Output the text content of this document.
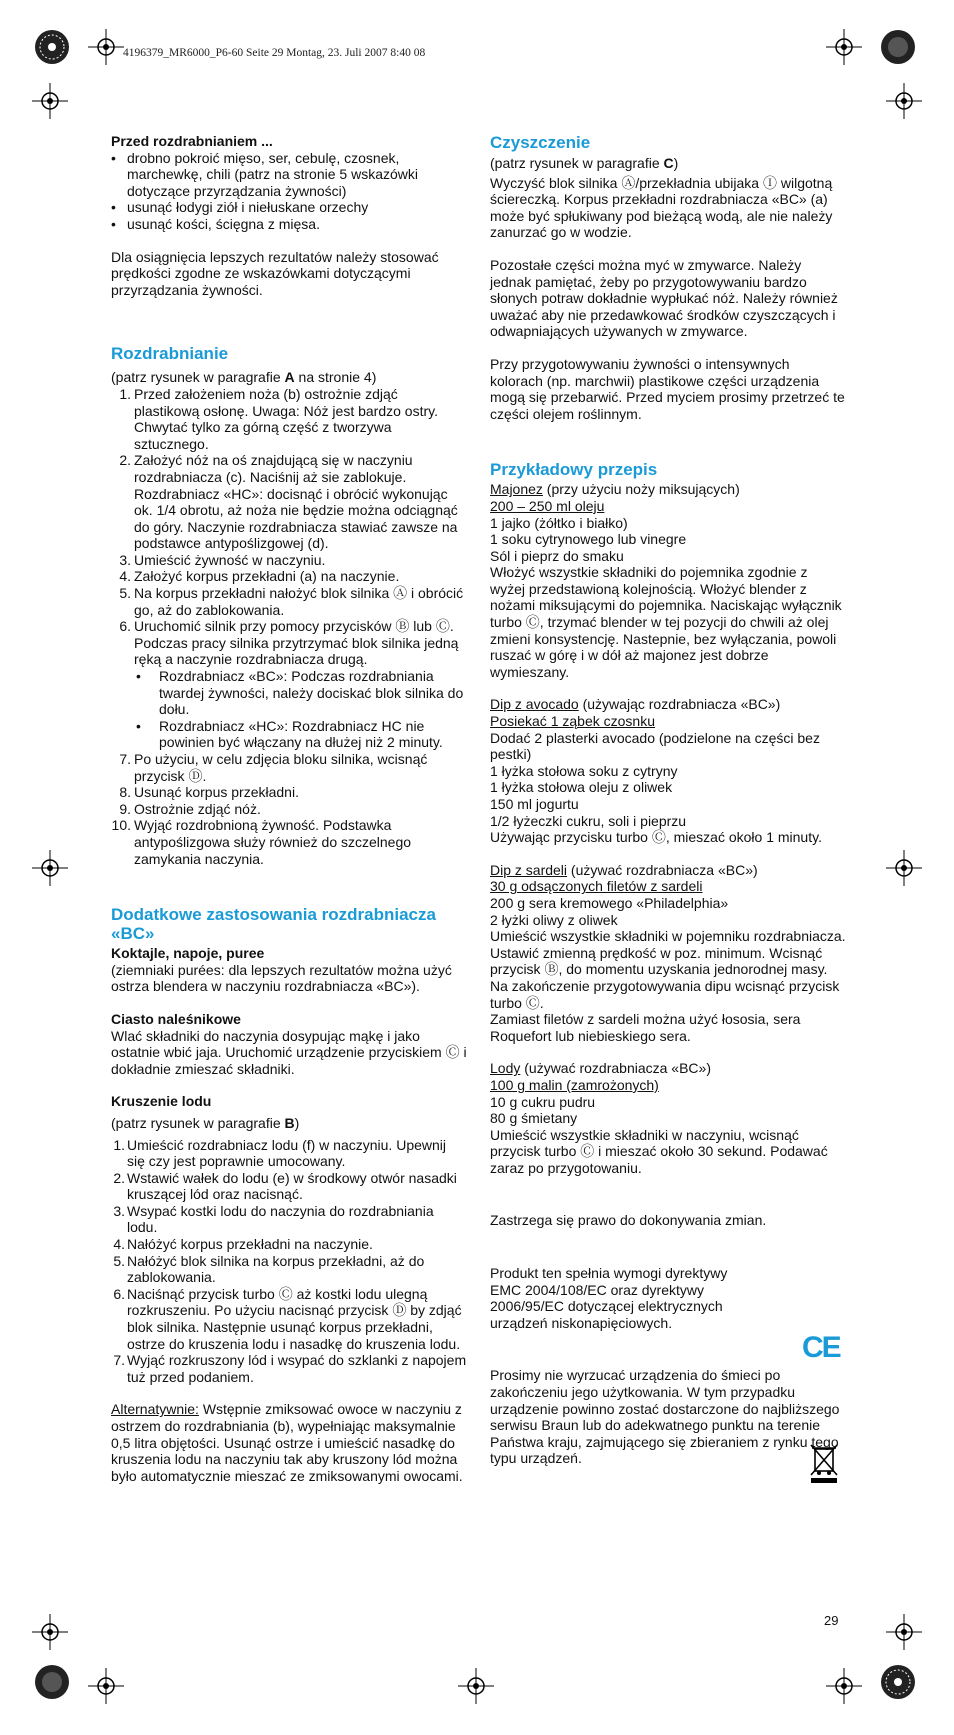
4196379_MR6000_P6-60 Seite 29 Montag, 23. Juli 2007 8:40 08

Przed rozdrabnianiem ...

• drobno pokroić mięso, ser, cebulę, czosnek, marchewkę, chili (patrz na stronie 5 wskazówki dotyczące przyrządzania żywności)
• usunąć łodygi ziół i niełuskane orzechy
• usunąć kości, ścięgna z mięsa.

Dla osiągnięcia lepszych rezultatów należy stosować prędkości zgodne ze wskazówkami dotyczącymi przyrządzania żywności.

Rozdrabnianie

(patrz rysunek w paragrafie A na stronie 4)

1. Przed założeniem noża (b) ostrożnie zdjąć plastikową osłonę. Uwaga: Nóż jest bardzo ostry. Chwytać tylko za górną część z tworzywa sztucznego.
2. Założyć nóż na oś znajdującą się w naczyniu rozdrabniacza (c). Naciśnij aż sie zablokuje. Rozdrabniacz «HC»: docisnąć i obrócić wykonując ok. 1/4 obrotu, aż noża nie będzie można odciągnąć do góry. Naczynie rozdrabniacza stawiać zawsze na podstawce antypoślizgowej (d).
3. Umieścić żywność w naczyniu.
4. Założyć korpus przekładni (a) na naczynie.
5. Na korpus przekładni nałożyć blok silnika Ⓐ i obrócić go, aż do zablokowania.
6. Uruchomić silnik przy pomocy przycisków Ⓑ lub Ⓒ. Podczas pracy silnika przytrzymać blok silnika jedną ręką a naczynie rozdrabniacza drugą.
• Rozdrabniacz «BC»: Podczas rozdrabniania twardej żywności, należy dociskać blok silnika do dołu.
• Rozdrabniacz «HC»: Rozdrabniacz HC nie powinien być włączany na dłużej niż 2 minuty.
7. Po użyciu, w celu zdjęcia bloku silnika, wcisnąć przycisk Ⓓ.
8. Usunąć korpus przekładni.
9. Ostrożnie zdjąć nóż.
10. Wyjąć rozdrobnioną żywność. Podstawka antypoślizgowa służy również do szczelnego zamykania naczynia.
Dodatkowe zastosowania rozdrabniacza «BC»

Koktajle, napoje, puree

(ziemniaki purées: dla lepszych rezultatów można użyć ostrza blendera w naczyniu rozdrabniacza «BC»).

Ciasto naleśnikowe

Wlać składniki do naczynia dosypując mąkę i jako ostatnie wbić jaja. Uruchomić urządzenie przyciskiem Ⓒ i dokładnie zmieszać składniki.

Kruszenie lodu

(patrz rysunek w paragrafie B)

1. Umieścić rozdrabniacz lodu (f) w naczyniu. Upewnij się czy jest poprawnie umocowany.
2. Wstawić wałek do lodu (e) w środkowy otwór nasadki kruszącej lód oraz nacisnąć.
3. Wsypać kostki lodu do naczynia do rozdrabniania lodu.
4. Nałóżyć korpus przekładni na naczynie.
5. Nałóżyć blok silnika na korpus przekładni, aż do zablokowania.
6. Naciśnąć przycisk turbo Ⓒ aż kostki lodu ulegną rozkruszeniu. Po użyciu nacisnąć przycisk Ⓓ by zdjąć blok silnika. Następnie usunąć korpus przekładni, ostrze do kruszenia lodu i nasadkę do kruszenia lodu.
7. Wyjąć rozkruszony lód i wsypać do szklanki z napojem tuż przed podaniem.

Alternatywnie: Wstępnie zmiksować owoce w naczyniu z ostrzem do rozdrabniania (b), wypełniając maksymalnie 0,5 litra objętości. Usunąć ostrze i umieścić nasadkę do kruszenia lodu na naczyniu tak aby kruszony lód można było automatycznie mieszać ze zmiksowanymi owocami.

Czyszczenie

(patrz rysunek w paragrafie C)

Wyczyść blok silnika Ⓐ/przekładnia ubijaka Ⓘ wilgotną ściereczką. Korpus przekładni rozdrabniacza «BC» (a) może być spłukiwany pod bieżącą wodą, ale nie należy zanurzać go w wodzie.

Pozostałe części można myć w zmywarce. Należy jednak pamiętać, żeby po przygotowywaniu bardzo słonych potraw dokładnie wypłukać nóż. Należy również uważać aby nie przedawkować środków czyszczących i odwapniających używanych w zmywarce.

Przy przygotowywaniu żywności o intensywnych kolorach (np. marchwii) plastikowe części urządzenia mogą się przebarwić. Przed myciem prosimy przetrzeć te części olejem roślinnym.

Przykładowy przepis

Majonez (przy użyciu noży miksujących)

200 – 250 ml oleju

1 jajko (żółtko i białko)

1 soku cytrynowego lub vinegre

Sól i pieprz do smaku

Włożyć wszystkie składniki do pojemnika zgodnie z wyżej przedstawioną kolejnością. Włożyć blender z nożami miksującymi do pojemnika. Naciskając wyłącznik turbo Ⓒ, trzymać blender w tej pozycji do chwili aż olej zmieni konsystencję. Nastepnie, bez wyłączania, powoli ruszać w górę i w dół aż majonez jest dobrze wymieszany.

Dip z avocado (używając rozdrabniacza «BC»)

Posiekać 1 ząbek czosnku

Dodać 2 plasterki avocado (podzielone na części bez pestki)

1 łyżka stołowa soku z cytryny

1 łyżka stołowa oleju z oliwek

150 ml jogurtu

1/2 łyżeczki cukru, soli i pieprzu

Używając przycisku turbo Ⓒ, mieszać około 1 minuty.

Dip z sardeli (używać rozdrabniacza «BC»)

30 g odsączonych filetów z sardeli

200 g sera kremowego «Philadelphia»

2 łyżki oliwy z oliwek

Umieścić wszystkie składniki w pojemniku rozdrabniacza.

Ustawić zmienną prędkość w poz. minimum. Wcisnąć przycisk Ⓑ, do momentu uzyskania jednorodnej masy.

Na zakończenie przygotowywania dipu wcisnąć przycisk turbo Ⓒ.

Zamiast filetów z sardeli można użyć łososia, sera Roquefort lub niebieskiego sera.

Lody (używać rozdrabniacza «BC»)

100 g malin (zamrożonych)

10 g cukru pudru

80 g śmietany

Umieścić wszystkie składniki w naczyniu, wcisnąć przycisk turbo Ⓒ i mieszać około 30 sekund. Podawać zaraz po przygotowaniu.

Zastrzega się prawo do dokonywania zmian.

Produkt ten spełnia wymogi dyrektywy EMC 2004/108/EC oraz dyrektywy 2006/95/EC dotyczącej elektrycznych urządzeń niskonapięciowych.

Prosimy nie wyrzucać urządzenia do śmieci po zakończeniu jego użytkowania. W tym przypadku urządzenie powinno zostać dostarczone do najbliższego serwisu Braun lub do adekwatnego punktu na terenie Państwa kraju, zajmującego się zbieraniem z rynku tego typu urządzeń.

CE
29
